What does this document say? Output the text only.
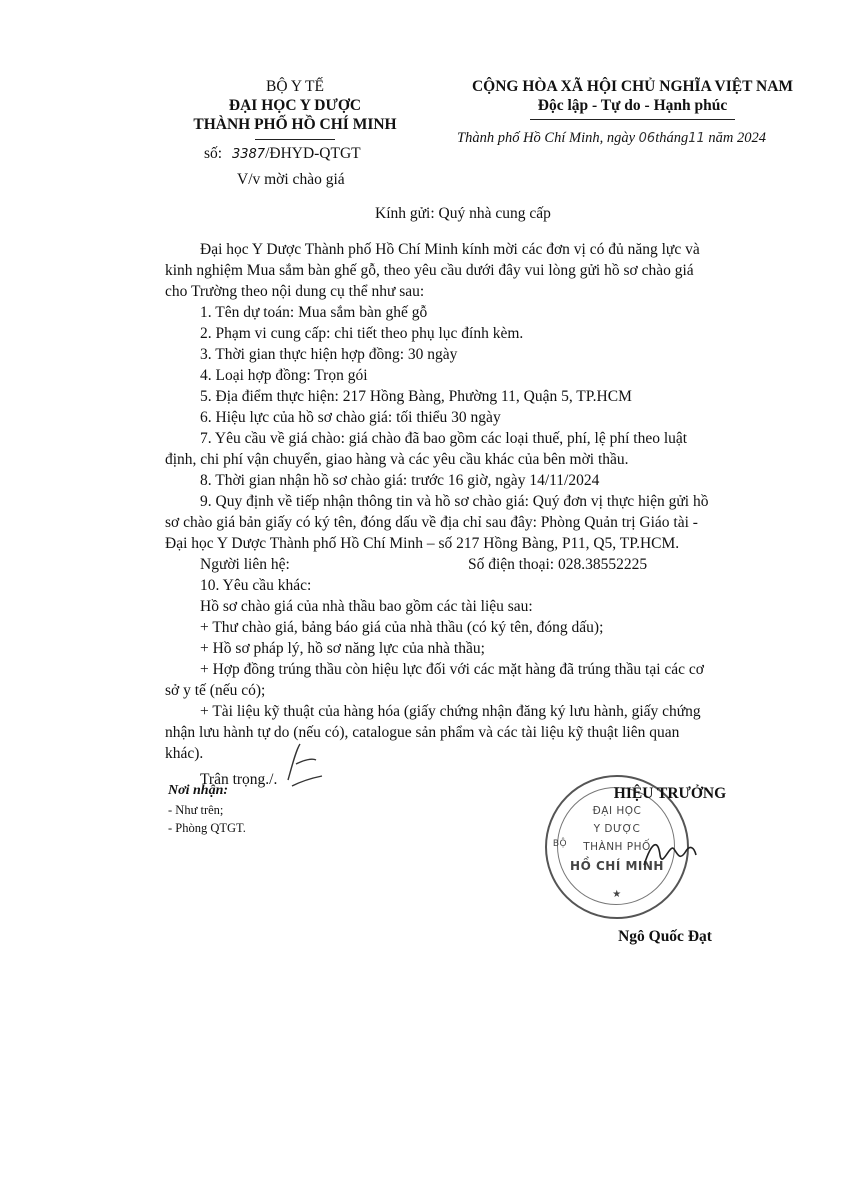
BỘ Y TẾ
ĐẠI HỌC Y DƯỢC
THÀNH PHỐ HỒ CHÍ MINH
số: 3387/ĐHYD-QTGT
V/v mời chào giá
CỘNG HÒA XÃ HỘI CHỦ NGHĨA VIỆT NAM
Độc lập - Tự do - Hạnh phúc
Thành phố Hồ Chí Minh, ngày 06tháng11 năm 2024
Kính gửi: Quý nhà cung cấp
Đại học Y Dược Thành phố Hồ Chí Minh kính mời các đơn vị có đủ năng lực và
kinh nghiệm Mua sắm bàn ghế gỗ, theo yêu cầu dưới đây vui lòng gửi hồ sơ chào giá
cho Trường theo nội dung cụ thể như sau:
1. Tên dự toán: Mua sắm bàn ghế gỗ
2. Phạm vi cung cấp: chi tiết theo phụ lục đính kèm.
3. Thời gian thực hiện hợp đồng: 30 ngày
4. Loại hợp đồng: Trọn gói
5. Địa điểm thực hiện: 217 Hồng Bàng, Phường 11, Quận 5, TP.HCM
6. Hiệu lực của hồ sơ chào giá: tối thiểu 30 ngày
7. Yêu cầu về giá chào: giá chào đã bao gồm các loại thuế, phí, lệ phí theo luật
định, chi phí vận chuyển, giao hàng và các yêu cầu khác của bên mời thầu.
8. Thời gian nhận hồ sơ chào giá: trước 16 giờ, ngày 14/11/2024
9. Quy định về tiếp nhận thông tin và hồ sơ chào giá: Quý đơn vị thực hiện gửi hồ
sơ chào giá bản giấy có ký tên, đóng dấu về địa chỉ sau đây: Phòng Quản trị Giáo tài -
Đại học Y Dược Thành phố Hồ Chí Minh – số 217 Hồng Bàng, P11, Q5, TP.HCM.
Người liên hệ:	Số điện thoại: 028.38552225
10. Yêu cầu khác:
Hồ sơ chào giá của nhà thầu bao gồm các tài liệu sau:
+ Thư chào giá, bảng báo giá của nhà thầu (có ký tên, đóng dấu);
+ Hồ sơ pháp lý, hồ sơ năng lực của nhà thầu;
+ Hợp đồng trúng thầu còn hiệu lực đối với các mặt hàng đã trúng thầu tại các cơ
sở y tế (nếu có);
+ Tài liệu kỹ thuật của hàng hóa (giấy chứng nhận đăng ký lưu hành, giấy chứng
nhận lưu hành tự do (nếu có), catalogue sản phẩm và các tài liệu kỹ thuật liên quan
khác).
Trân trọng./.
Nơi nhận:
- Như trên;
- Phòng QTGT.
ĐẠI HỌC
Y DƯỢC
THÀNH PHỐ
HỒ CHÍ MINH
BỘ
★
HIỆU TRƯỞNG
Ngô Quốc Đạt
